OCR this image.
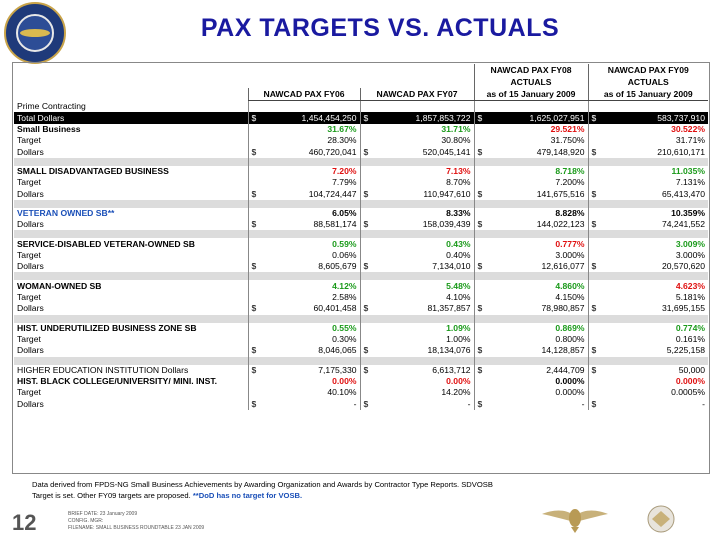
PAX TARGETS VS. ACTUALS
			NAWCAD PAX FY08	NAWCAD PAX FY09
			ACTUALS	ACTUALS
	NAWCAD PAX FY06	NAWCAD PAX FY07	as of 15 January 2009	as of 15 January 2009
Prime Contracting				
Total Dollars	$ 1,454,454,250	$ 1,857,853,722	$ 1,625,027,951	$ 583,737,910

Small Business	31.67%	31.71%	29.521%	30.522%
Target	28.30%	30.80%	31.750%	31.71%
Dollars	$ 460,720,041	$ 520,045,141	$ 479,148,920	$ 210,610,171

SMALL DISADVANTAGED BUSINESS	7.20%	7.13%	8.718%	11.035%
Target	7.79%	8.70%	7.200%	7.131%
Dollars	$ 104,724,447	$ 110,947,610	$ 141,675,516	$ 65,413,470

VETERAN OWNED SB**	6.05%	8.33%	8.828%	10.359%
Dollars	$ 88,581,174	$ 158,039,439	$ 144,022,123	$ 74,241,552

SERVICE-DISABLED VETERAN-OWNED SB	0.59%	0.43%	0.777%	3.009%
Target	0.06%	0.40%	3.000%	3.000%
Dollars	$ 8,605,679	$ 7,134,010	$ 12,616,077	$ 20,570,620

WOMAN-OWNED SB	4.12%	5.48%	4.860%	4.623%
Target	2.58%	4.10%	4.150%	5.181%
Dollars	$ 60,401,458	$ 81,357,857	$ 78,980,857	$ 31,695,155

HIST. UNDERUTILIZED BUSINESS ZONE SB	0.55%	1.09%	0.869%	0.774%
Target	0.30%	1.00%	0.800%	0.161%
Dollars	$ 8,046,065	$ 18,134,076	$ 14,128,857	$ 5,225,158

HIGHER EDUCATION INSTITUTION Dollars	$ 7,175,330	$ 6,613,712	$ 2,444,709	$ 50,000

HIST. BLACK COLLEGE/UNIVERSITY/ MINI. INST.	0.00%	0.00%	0.000%	0.000%
Target	40.10%	14.20%	0.000%	0.0005%
Dollars	$ -	$ -	$ -	$ -
Data derived from FPDS-NG Small Business Achievements by Awarding Organization and Awards by Contractor Type Reports. SDVOSB
Target is set. Other FY09 targets are proposed. **DoD has no target for VOSB.
12	BRIEF DATE: 23 January 2009
CONFIG. MGR:
FILENAME: SMALL BUSINESS ROUNDTABLE 23 JAN 2009
